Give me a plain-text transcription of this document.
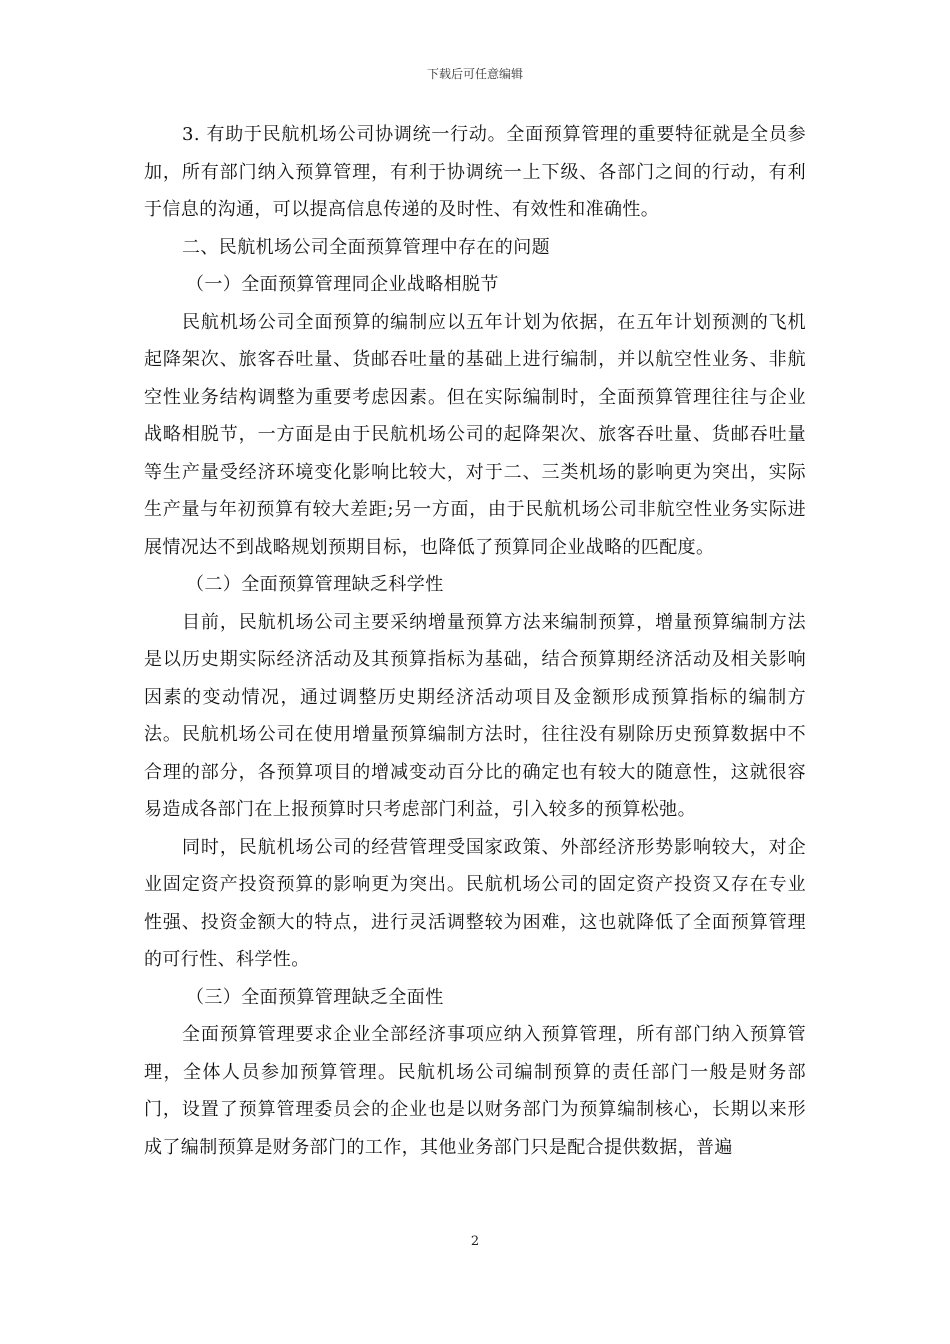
下载后可任意编辑

3. 有助于民航机场公司协调统一行动。全面预算管理的重要特征就是全员参加，所有部门纳入预算管理，有利于协调统一上下级、各部门之间的行动，有利于信息的沟通，可以提高信息传递的及时性、有效性和准确性。

二、民航机场公司全面预算管理中存在的问题

（一）全面预算管理同企业战略相脱节

民航机场公司全面预算的编制应以五年计划为依据，在五年计划预测的飞机起降架次、旅客吞吐量、货邮吞吐量的基础上进行编制，并以航空性业务、非航空性业务结构调整为重要考虑因素。但在实际编制时，全面预算管理往往与企业战略相脱节，一方面是由于民航机场公司的起降架次、旅客吞吐量、货邮吞吐量等生产量受经济环境变化影响比较大，对于二、三类机场的影响更为突出，实际生产量与年初预算有较大差距;另一方面，由于民航机场公司非航空性业务实际进展情况达不到战略规划预期目标，也降低了预算同企业战略的匹配度。

（二）全面预算管理缺乏科学性

目前，民航机场公司主要采纳增量预算方法来编制预算，增量预算编制方法是以历史期实际经济活动及其预算指标为基础，结合预算期经济活动及相关影响因素的变动情况，通过调整历史期经济活动项目及金额形成预算指标的编制方法。民航机场公司在使用增量预算编制方法时，往往没有剔除历史预算数据中不合理的部分，各预算项目的增减变动百分比的确定也有较大的随意性，这就很容易造成各部门在上报预算时只考虑部门利益，引入较多的预算松弛。

同时，民航机场公司的经营管理受国家政策、外部经济形势影响较大，对企业固定资产投资预算的影响更为突出。民航机场公司的固定资产投资又存在专业性强、投资金额大的特点，进行灵活调整较为困难，这也就降低了全面预算管理的可行性、科学性。

（三）全面预算管理缺乏全面性

全面预算管理要求企业全部经济事项应纳入预算管理，所有部门纳入预算管理，全体人员参加预算管理。民航机场公司编制预算的责任部门一般是财务部门，设置了预算管理委员会的企业也是以财务部门为预算编制核心，长期以来形成了编制预算是财务部门的工作，其他业务部门只是配合提供数据，普遍

2
